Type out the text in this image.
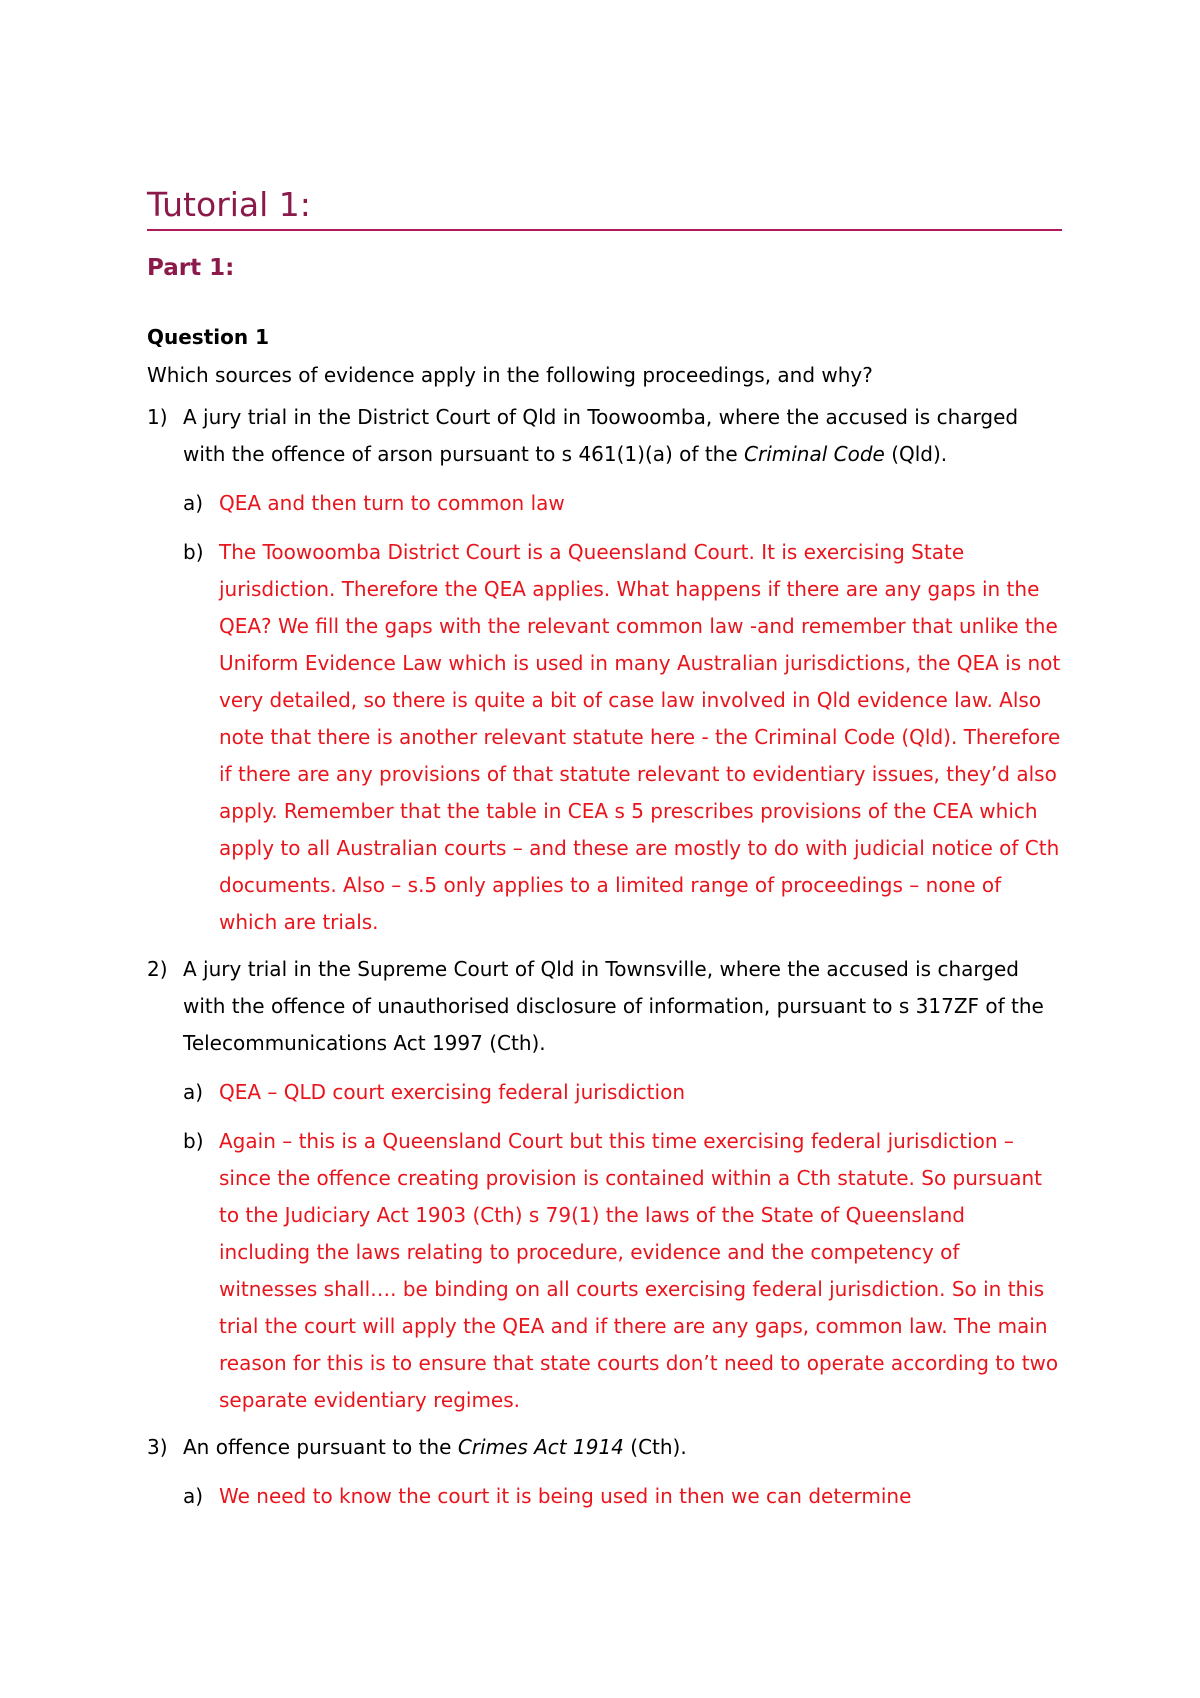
Tutorial 1:
Part 1:
Question 1
Which sources of evidence apply in the following proceedings, and why?
1) A jury trial in the District Court of Qld in Toowoomba, where the accused is charged with the offence of arson pursuant to s 461(1)(a) of the Criminal Code (Qld).
a) QEA and then turn to common law
b) The Toowoomba District Court is a Queensland Court. It is exercising State jurisdiction. Therefore the QEA applies. What happens if there are any gaps in the QEA? We fill the gaps with the relevant common law -and remember that unlike the Uniform Evidence Law which is used in many Australian jurisdictions, the QEA is not very detailed, so there is quite a bit of case law involved in Qld evidence law. Also note that there is another relevant statute here - the Criminal Code (Qld). Therefore if there are any provisions of that statute relevant to evidentiary issues, they’d also apply. Remember that the table in CEA s 5 prescribes provisions of the CEA which apply to all Australian courts – and these are mostly to do with judicial notice of Cth documents. Also – s.5 only applies to a limited range of proceedings – none of which are trials.
2) A jury trial in the Supreme Court of Qld in Townsville, where the accused is charged with the offence of unauthorised disclosure of information, pursuant to s 317ZF of the Telecommunications Act 1997 (Cth).
a) QEA – QLD court exercising federal jurisdiction
b) Again – this is a Queensland Court but this time exercising federal jurisdiction – since the offence creating provision is contained within a Cth statute. So pursuant to the Judiciary Act 1903 (Cth) s 79(1) the laws of the State of Queensland including the laws relating to procedure, evidence and the competency of witnesses shall…. be binding on all courts exercising federal jurisdiction. So in this trial the court will apply the QEA and if there are any gaps, common law. The main reason for this is to ensure that state courts don’t need to operate according to two separate evidentiary regimes.
3) An offence pursuant to the Crimes Act 1914 (Cth).
a) We need to know the court it is being used in then we can determine
